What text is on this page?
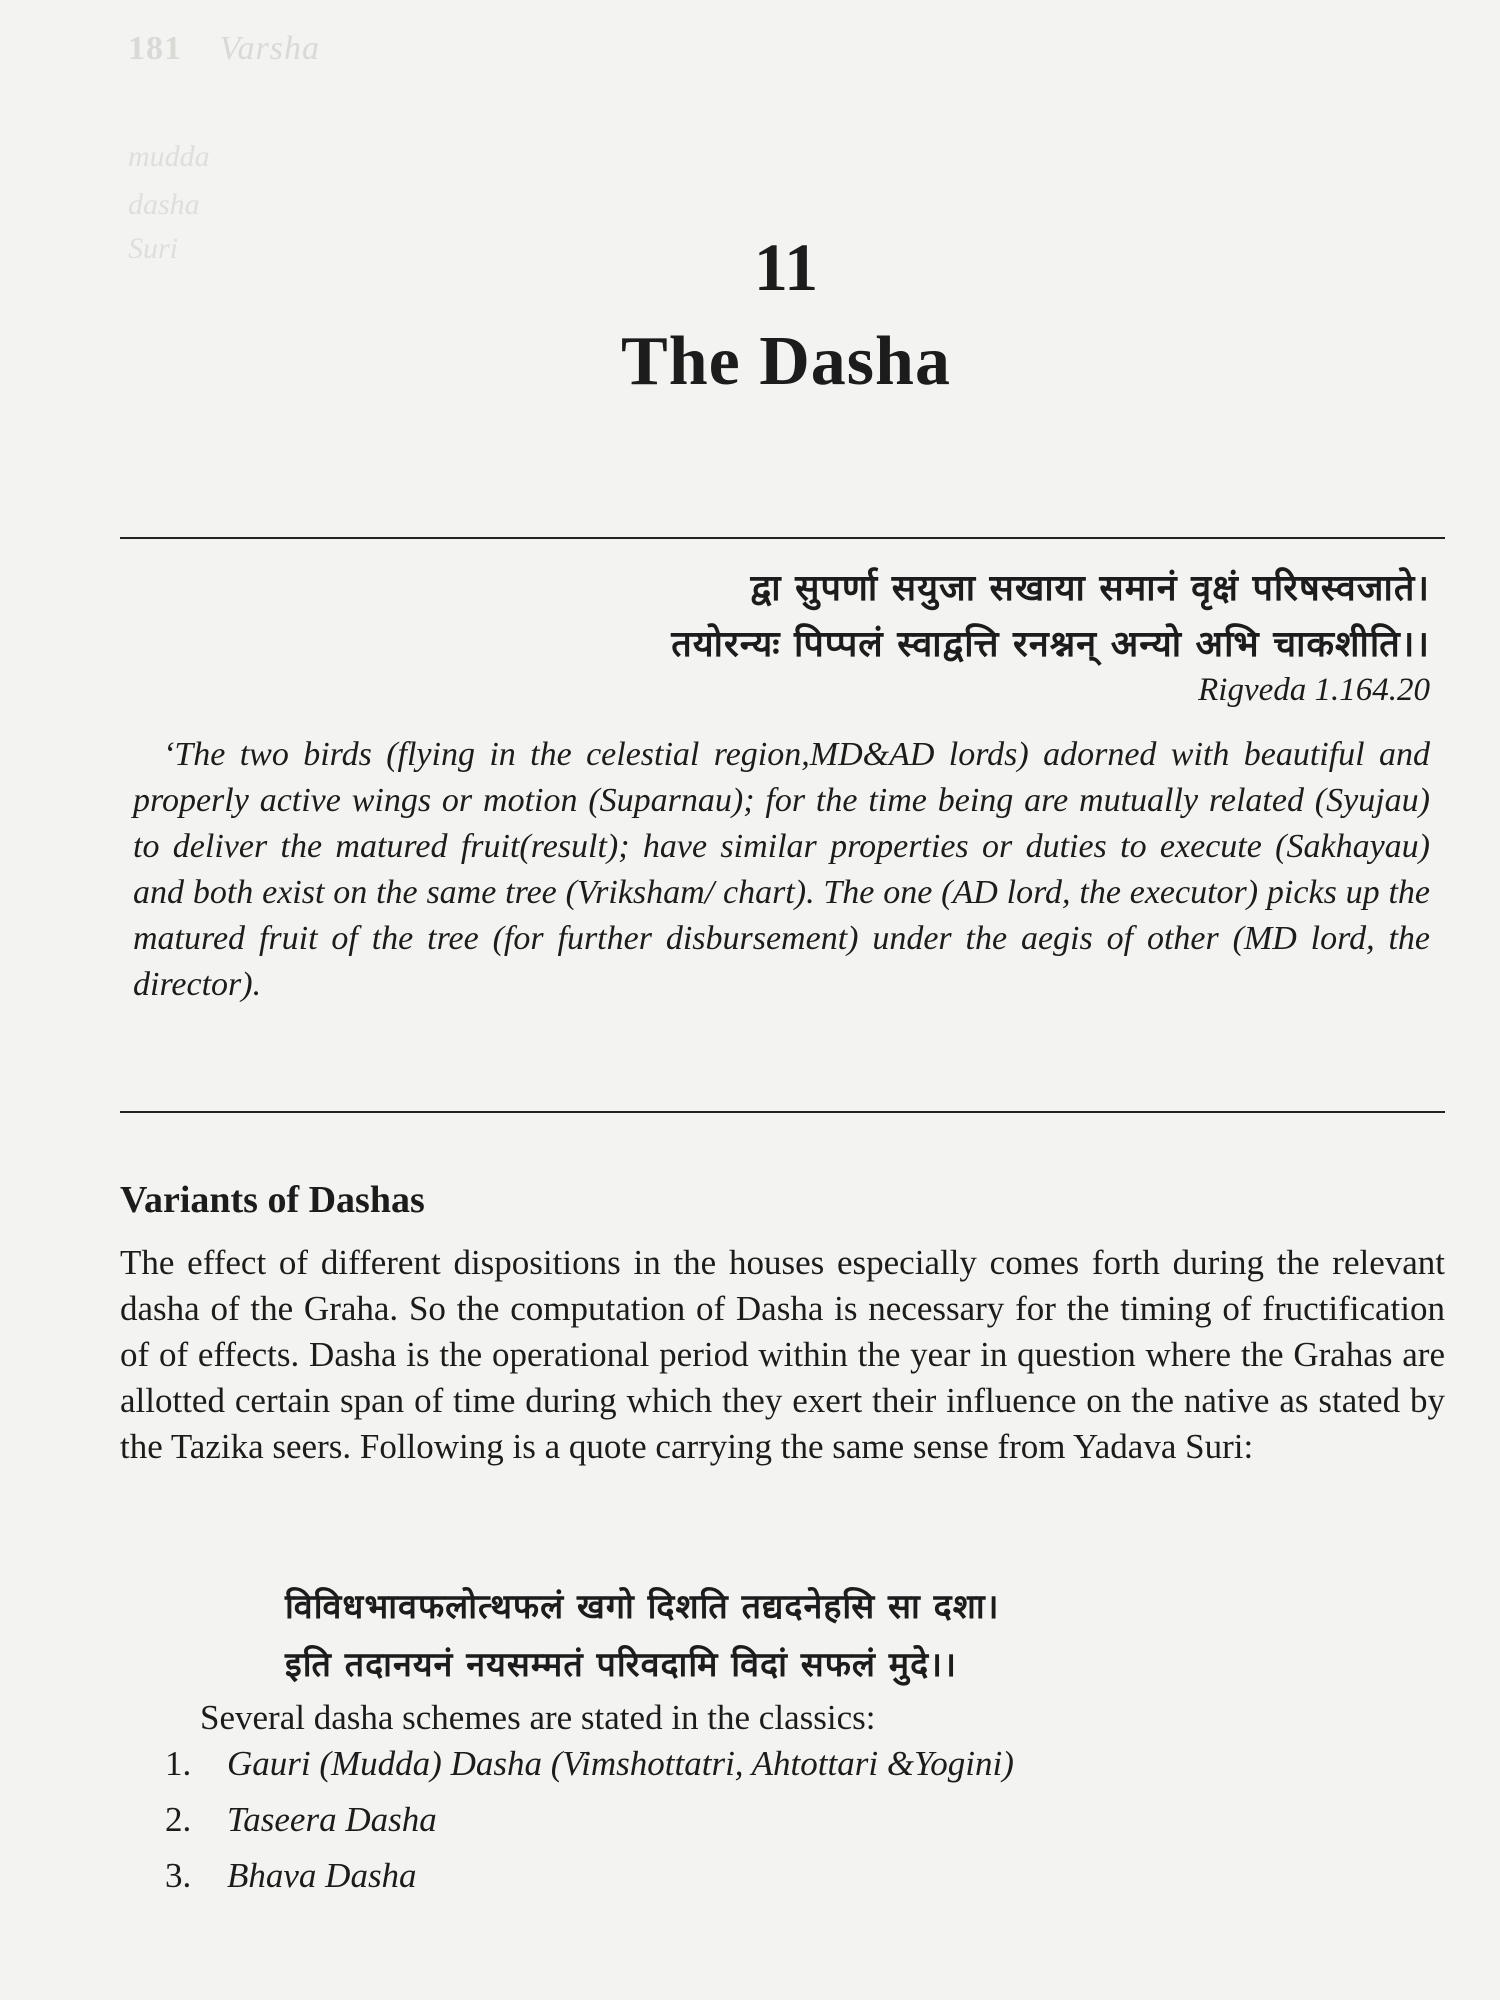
181 Varsha
mudda
dasha
Suri	11
The Dasha
द्वा सुपर्णा सयुजा सखाया समानं वृक्षं परिषस्वजाते।
तयोरन्यः पिप्पलं स्वाद्वत्ति रनश्नन् अन्यो अभि चाकशीति।।
Rigveda 1.164.20

‘The two birds (flying in the celestial region,MD&AD lords) adorned with beautiful and properly active wings or motion (Suparnau); for the time being are mutually related (Syujau) to deliver the matured fruit(result); have similar properties or duties to execute (Sakhayau) and both exist on the same tree (Vriksham/ chart). The one (AD lord, the executor) picks up the matured fruit of the tree (for further disbursement) under the aegis of other (MD lord, the director).

Variants of Dashas

The effect of different dispositions in the houses especially comes forth during the relevant dasha of the Graha. So the computation of Dasha is necessary for the timing of fructification of of effects. Dasha is the operational period within the year in question where the Grahas are allotted certain span of time during which they exert their influence on the native as stated by the Tazika seers. Following is a quote carrying the same sense from Yadava Suri:

विविधभावफलोत्थफलं खगो दिशति तद्यदनेहसि सा दशा।
इति तदानयनं नयसम्मतं परिवदामि विदां सफलं मुदे।।

Several dasha schemes are stated in the classics:

1. Gauri (Mudda) Dasha (Vimshottatri, Ahtottari &Yogini)
2. Taseera Dasha
3. Bhava Dasha
